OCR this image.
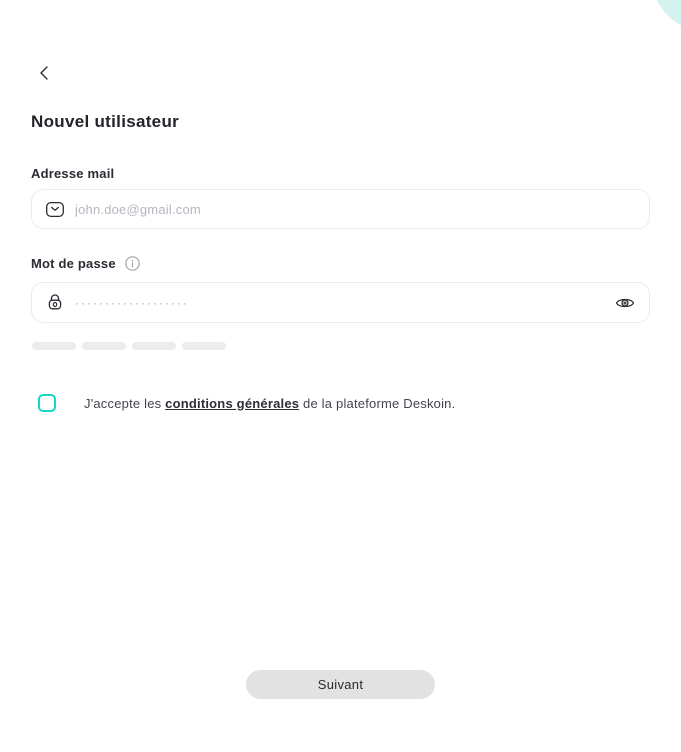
Nouvel utilisateur
Adresse mail
john.doe@gmail.com
Mot de passe
···················
J'accepte les conditions générales de la plateforme Deskoin.
Suivant
